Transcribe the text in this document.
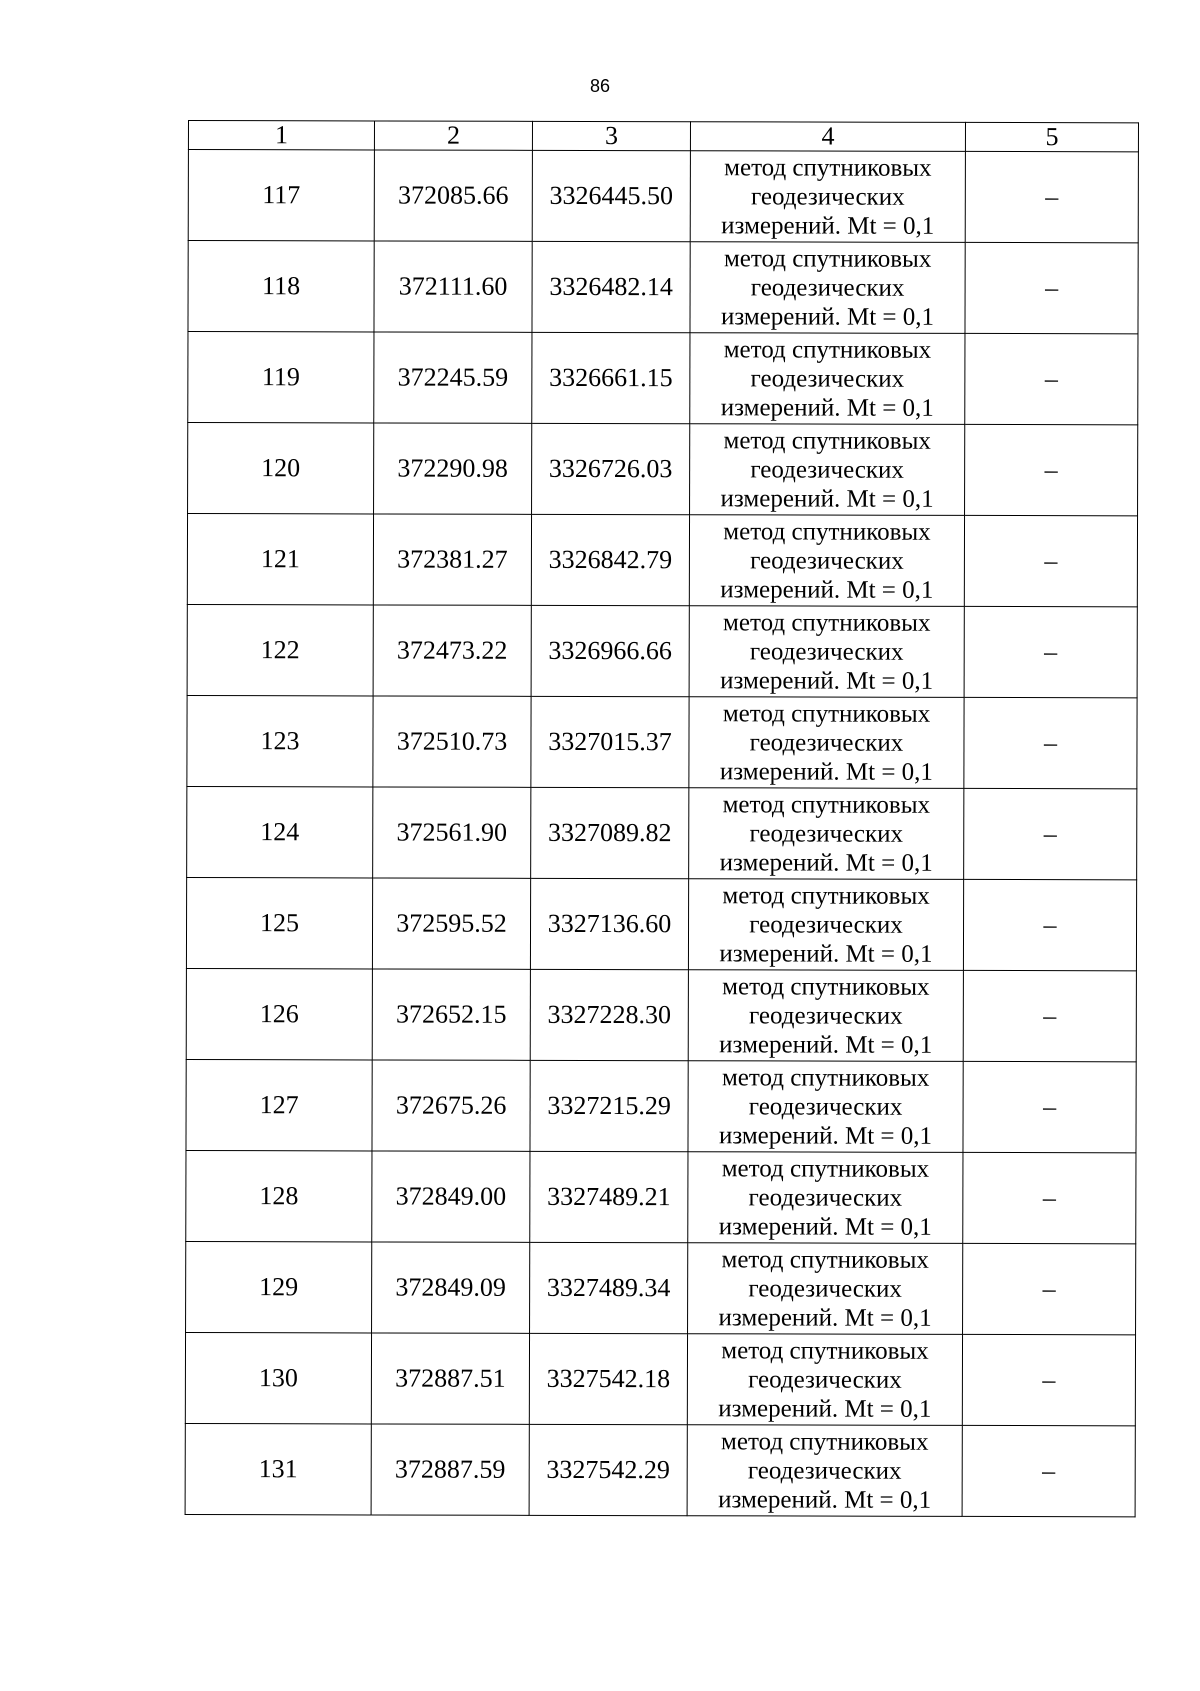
86
1	2	3	4	5
117	372085.66	3326445.50	метод спутниковых
геодезических
измерений. Mt = 0,1	–
118	372111.60	3326482.14	метод спутниковых
геодезических
измерений. Mt = 0,1	–
119	372245.59	3326661.15	метод спутниковых
геодезических
измерений. Mt = 0,1	–
120	372290.98	3326726.03	метод спутниковых
геодезических
измерений. Mt = 0,1	–
121	372381.27	3326842.79	метод спутниковых
геодезических
измерений. Mt = 0,1	–
122	372473.22	3326966.66	метод спутниковых
геодезических
измерений. Mt = 0,1	–
123	372510.73	3327015.37	метод спутниковых
геодезических
измерений. Mt = 0,1	–
124	372561.90	3327089.82	метод спутниковых
геодезических
измерений. Mt = 0,1	–
125	372595.52	3327136.60	метод спутниковых
геодезических
измерений. Mt = 0,1	–
126	372652.15	3327228.30	метод спутниковых
геодезических
измерений. Mt = 0,1	–
127	372675.26	3327215.29	метод спутниковых
геодезических
измерений. Mt = 0,1	–
128	372849.00	3327489.21	метод спутниковых
геодезических
измерений. Mt = 0,1	–
129	372849.09	3327489.34	метод спутниковых
геодезических
измерений. Mt = 0,1	–
130	372887.51	3327542.18	метод спутниковых
геодезических
измерений. Mt = 0,1	–
131	372887.59	3327542.29	метод спутниковых
геодезических
измерений. Mt = 0,1	–
